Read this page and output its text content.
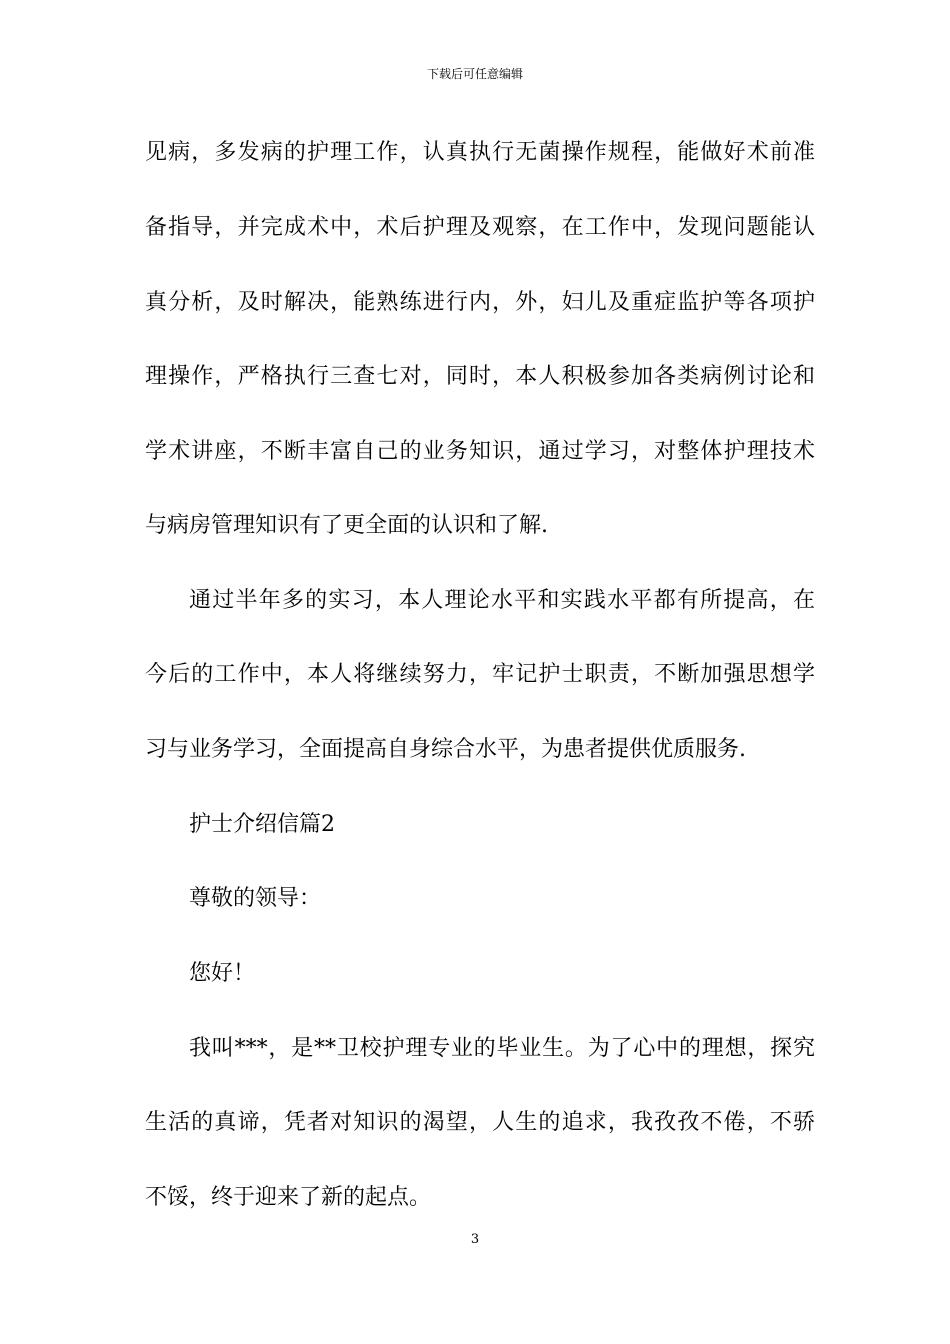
下载后可任意编辑

见病，多发病的护理工作，认真执行无菌操作规程，能做好术前准

备指导，并完成术中，术后护理及观察，在工作中，发现问题能认

真分析，及时解决，能熟练进行内，外，妇儿及重症监护等各项护

理操作，严格执行三查七对，同时，本人积极参加各类病例讨论和

学术讲座，不断丰富自己的业务知识，通过学习，对整体护理技术

与病房管理知识有了更全面的认识和了解.

通过半年多的实习，本人理论水平和实践水平都有所提高，在

今后的工作中，本人将继续努力，牢记护士职责，不断加强思想学

习与业务学习，全面提高自身综合水平，为患者提供优质服务.

护士介绍信篇2

尊敬的领导：

您好！

我叫***，是**卫校护理专业的毕业生。为了心中的理想，探究

生活的真谛，凭者对知识的渴望，人生的追求，我孜孜不倦，不骄

不馁，终于迎来了新的起点。

3
